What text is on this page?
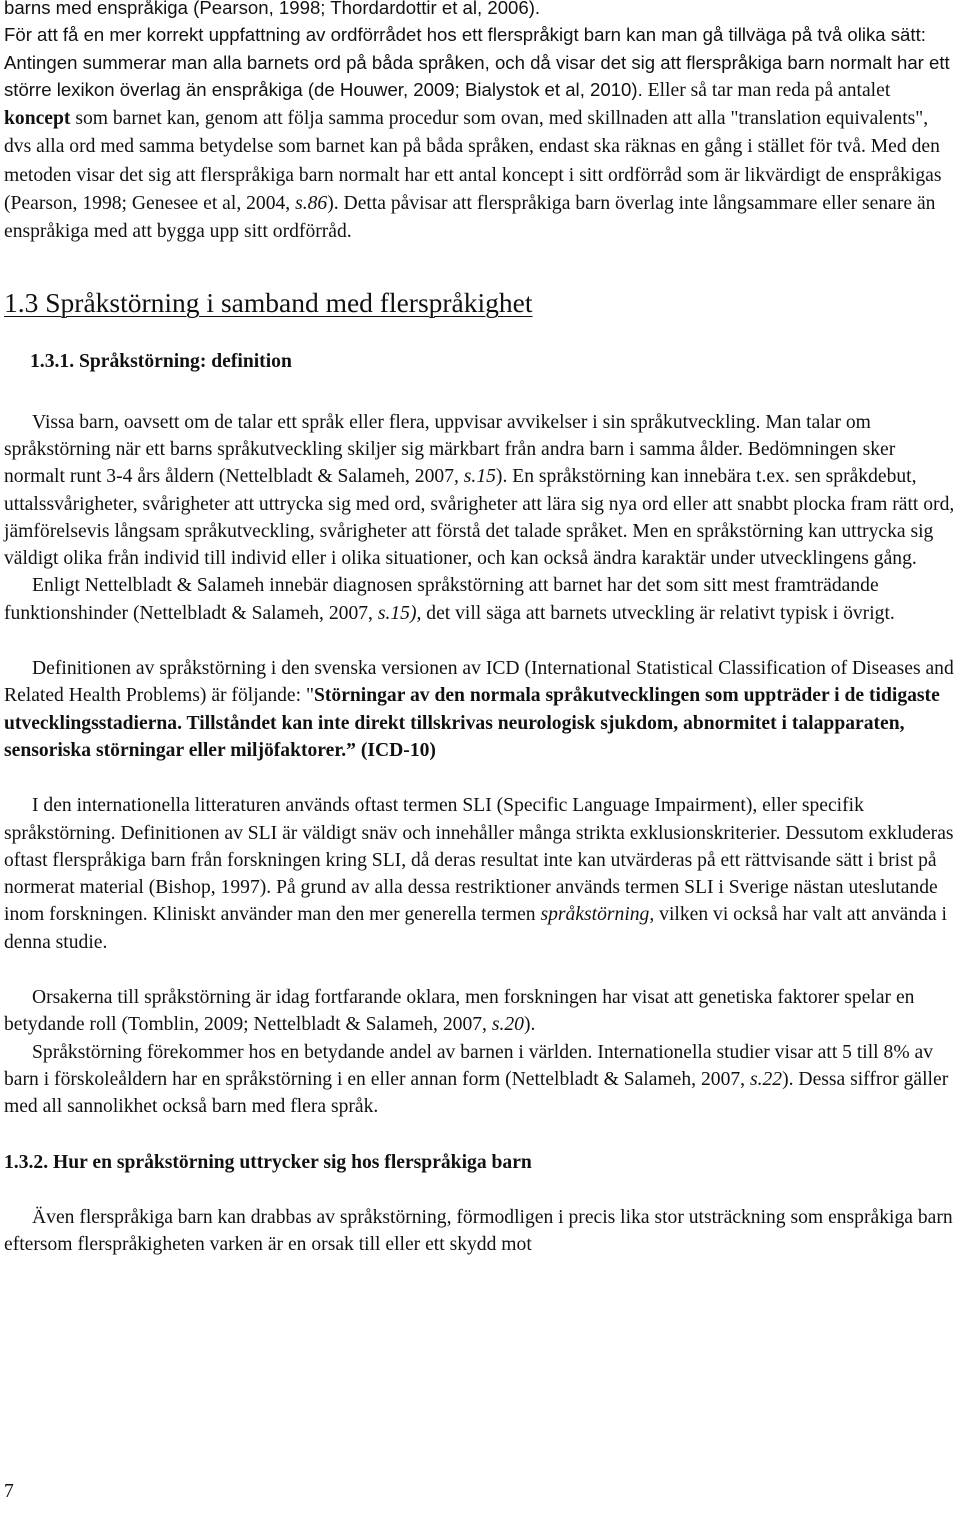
barns med enspråkiga (Pearson, 1998; Thordardottir et al, 2006).

För att få en mer korrekt uppfattning av ordförrådet hos ett flerspråkigt barn kan man gå tillväga på två olika sätt: Antingen summerar man alla barnets ord på båda språken, och då visar det sig att flerspråkiga barn normalt har ett större lexikon överlag än enspråkiga (de Houwer, 2009; Bialystok et al, 2010). Eller så tar man reda på antalet koncept som barnet kan, genom att följa samma procedur som ovan, med skillnaden att alla "translation equivalents", dvs alla ord med samma betydelse som barnet kan på båda språken, endast ska räknas en gång i stället för två. Med den metoden visar det sig att flerspråkiga barn normalt har ett antal koncept i sitt ordförråd som är likvärdigt de enspråkigas (Pearson, 1998; Genesee et al, 2004, s.86). Detta påvisar att flerspråkiga barn överlag inte långsammare eller senare än enspråkiga med att bygga upp sitt ordförråd.

1.3 Språkstörning i samband med flerspråkighet
1.3.1. Språkstörning: definition

Vissa barn, oavsett om de talar ett språk eller flera, uppvisar avvikelser i sin språkutveckling. Man talar om språkstörning när ett barns språkutveckling skiljer sig märkbart från andra barn i samma ålder. Bedömningen sker normalt runt 3-4 års åldern (Nettelbladt & Salameh, 2007, s.15). En språkstörning kan innebära t.ex. sen språkdebut, uttalssvårigheter, svårigheter att uttrycka sig med ord, svårigheter att lära sig nya ord eller att snabbt plocka fram rätt ord, jämförelsevis långsam språkutveckling, svårigheter att förstå det talade språket. Men en språkstörning kan uttrycka sig väldigt olika från individ till individ eller i olika situationer, och kan också ändra karaktär under utvecklingens gång.

Enligt Nettelbladt & Salameh innebär diagnosen språkstörning att barnet har det som sitt mest framträdande funktionshinder (Nettelbladt & Salameh, 2007, s.15), det vill säga att barnets utveckling är relativt typisk i övrigt.

Definitionen av språkstörning i den svenska versionen av ICD (International Statistical Classification of Diseases and Related Health Problems) är följande: "Störningar av den normala språkutvecklingen som uppträder i de tidigaste utvecklingsstadierna. Tillståndet kan inte direkt tillskrivas neurologisk sjukdom, abnormitet i talapparaten, sensoriska störningar eller miljöfaktorer.” (ICD-10)

I den internationella litteraturen används oftast termen SLI (Specific Language Impairment), eller specifik språkstörning. Definitionen av SLI är väldigt snäv och innehåller många strikta exklusionskriterier. Dessutom exkluderas oftast flerspråkiga barn från forskningen kring SLI, då deras resultat inte kan utvärderas på ett rättvisande sätt i brist på normerat material (Bishop, 1997). På grund av alla dessa restriktioner används termen SLI i Sverige nästan uteslutande inom forskningen. Kliniskt använder man den mer generella termen språkstörning, vilken vi också har valt att använda i denna studie.

Orsakerna till språkstörning är idag fortfarande oklara, men forskningen har visat att genetiska faktorer spelar en betydande roll (Tomblin, 2009; Nettelbladt & Salameh, 2007, s.20).

Språkstörning förekommer hos en betydande andel av barnen i världen. Internationella studier visar att 5 till 8% av barn i förskoleåldern har en språkstörning i en eller annan form (Nettelbladt & Salameh, 2007, s.22). Dessa siffror gäller med all sannolikhet också barn med flera språk.

1.3.2. Hur en språkstörning uttrycker sig hos flerspråkiga barn

Även flerspråkiga barn kan drabbas av språkstörning, förmodligen i precis lika stor utsträckning som enspråkiga barn eftersom flerspråkigheten varken är en orsak till eller ett skydd mot

7
